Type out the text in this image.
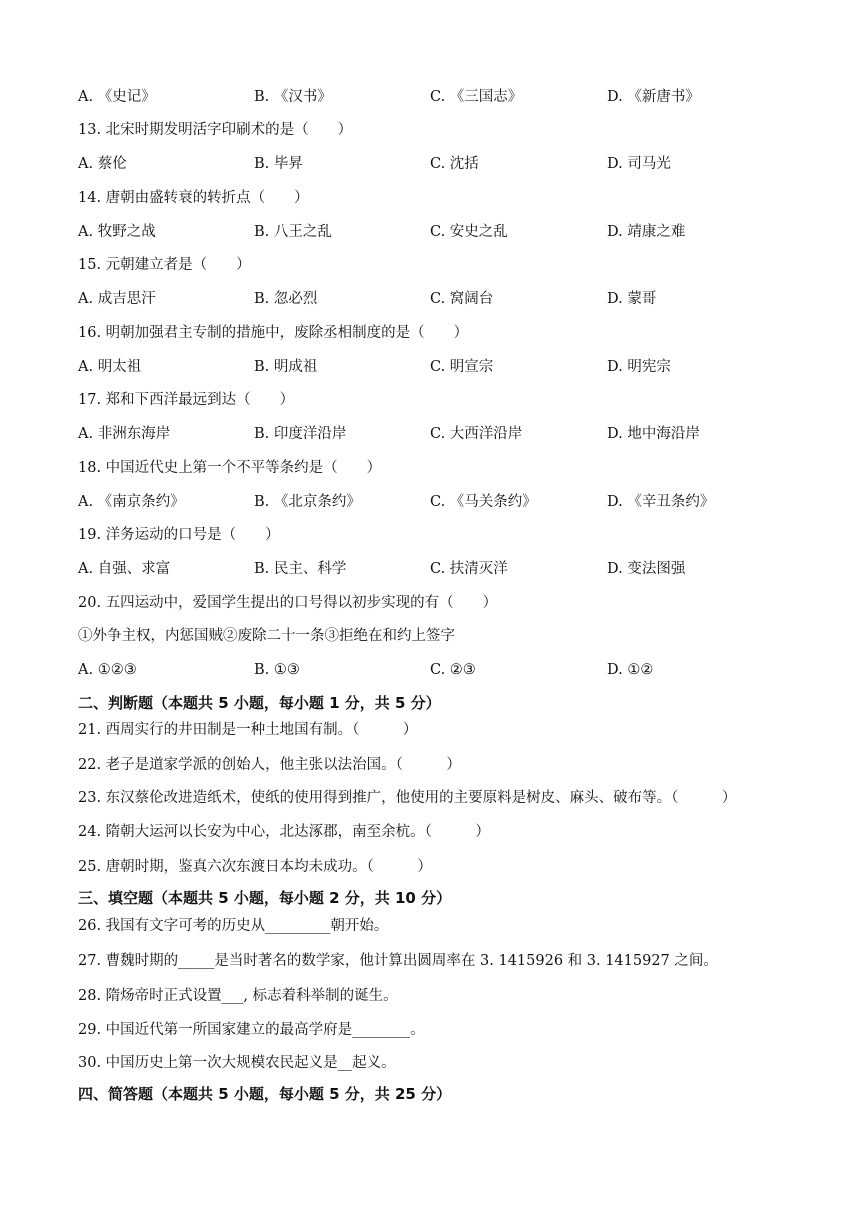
A. 《史记》	B. 《汉书》	C. 《三国志》	D. 《新唐书》
13. 北宋时期发明活字印刷术的是（　　）
A. 蔡伦	B. 毕昇	C. 沈括	D. 司马光
14. 唐朝由盛转衰的转折点（　　）
A. 牧野之战	B. 八王之乱	C. 安史之乱	D. 靖康之难
15. 元朝建立者是（　　）
A. 成吉思汗	B. 忽必烈	C. 窝阔台	D. 蒙哥
16. 明朝加强君主专制的措施中，废除丞相制度的是（　　）
A. 明太祖	B. 明成祖	C. 明宣宗	D. 明宪宗
17. 郑和下西洋最远到达（　　）
A. 非洲东海岸	B. 印度洋沿岸	C. 大西洋沿岸	D. 地中海沿岸
18. 中国近代史上第一个不平等条约是（　　）
A. 《南京条约》	B. 《北京条约》	C. 《马关条约》	D. 《辛丑条约》
19. 洋务运动的口号是（　　）
A. 自强、求富	B. 民主、科学	C. 扶清灭洋	D. 变法图强
20. 五四运动中，爱国学生提出的口号得以初步实现的有（　　）
①外争主权，内惩国贼②废除二十一条③拒绝在和约上签字
A. ①②③	B. ①③	C. ②③	D. ①②
二、判断题（本题共 5 小题，每小题 1 分，共 5 分）
21. 西周实行的井田制是一种土地国有制。（　　　）
22. 老子是道家学派的创始人，他主张以法治国。（　　　）
23. 东汉蔡伦改进造纸术，使纸的使用得到推广，他使用的主要原料是树皮、麻头、破布等。（　　　）
24. 隋朝大运河以长安为中心，北达涿郡，南至余杭。（　　　）
25. 唐朝时期，鉴真六次东渡日本均未成功。（　　　）
三、填空题（本题共 5 小题，每小题 2 分，共 10 分）
26. 我国有文字可考的历史从_________朝开始。
27. 曹魏时期的_____是当时著名的数学家，他计算出圆周率在 3. 1415926 和 3. 1415927 之间。
28. 隋炀帝时正式设置___, 标志着科举制的诞生。
29. 中国近代第一所国家建立的最高学府是________。
30. 中国历史上第一次大规模农民起义是__起义。
四、简答题（本题共 5 小题，每小题 5 分，共 25 分）
